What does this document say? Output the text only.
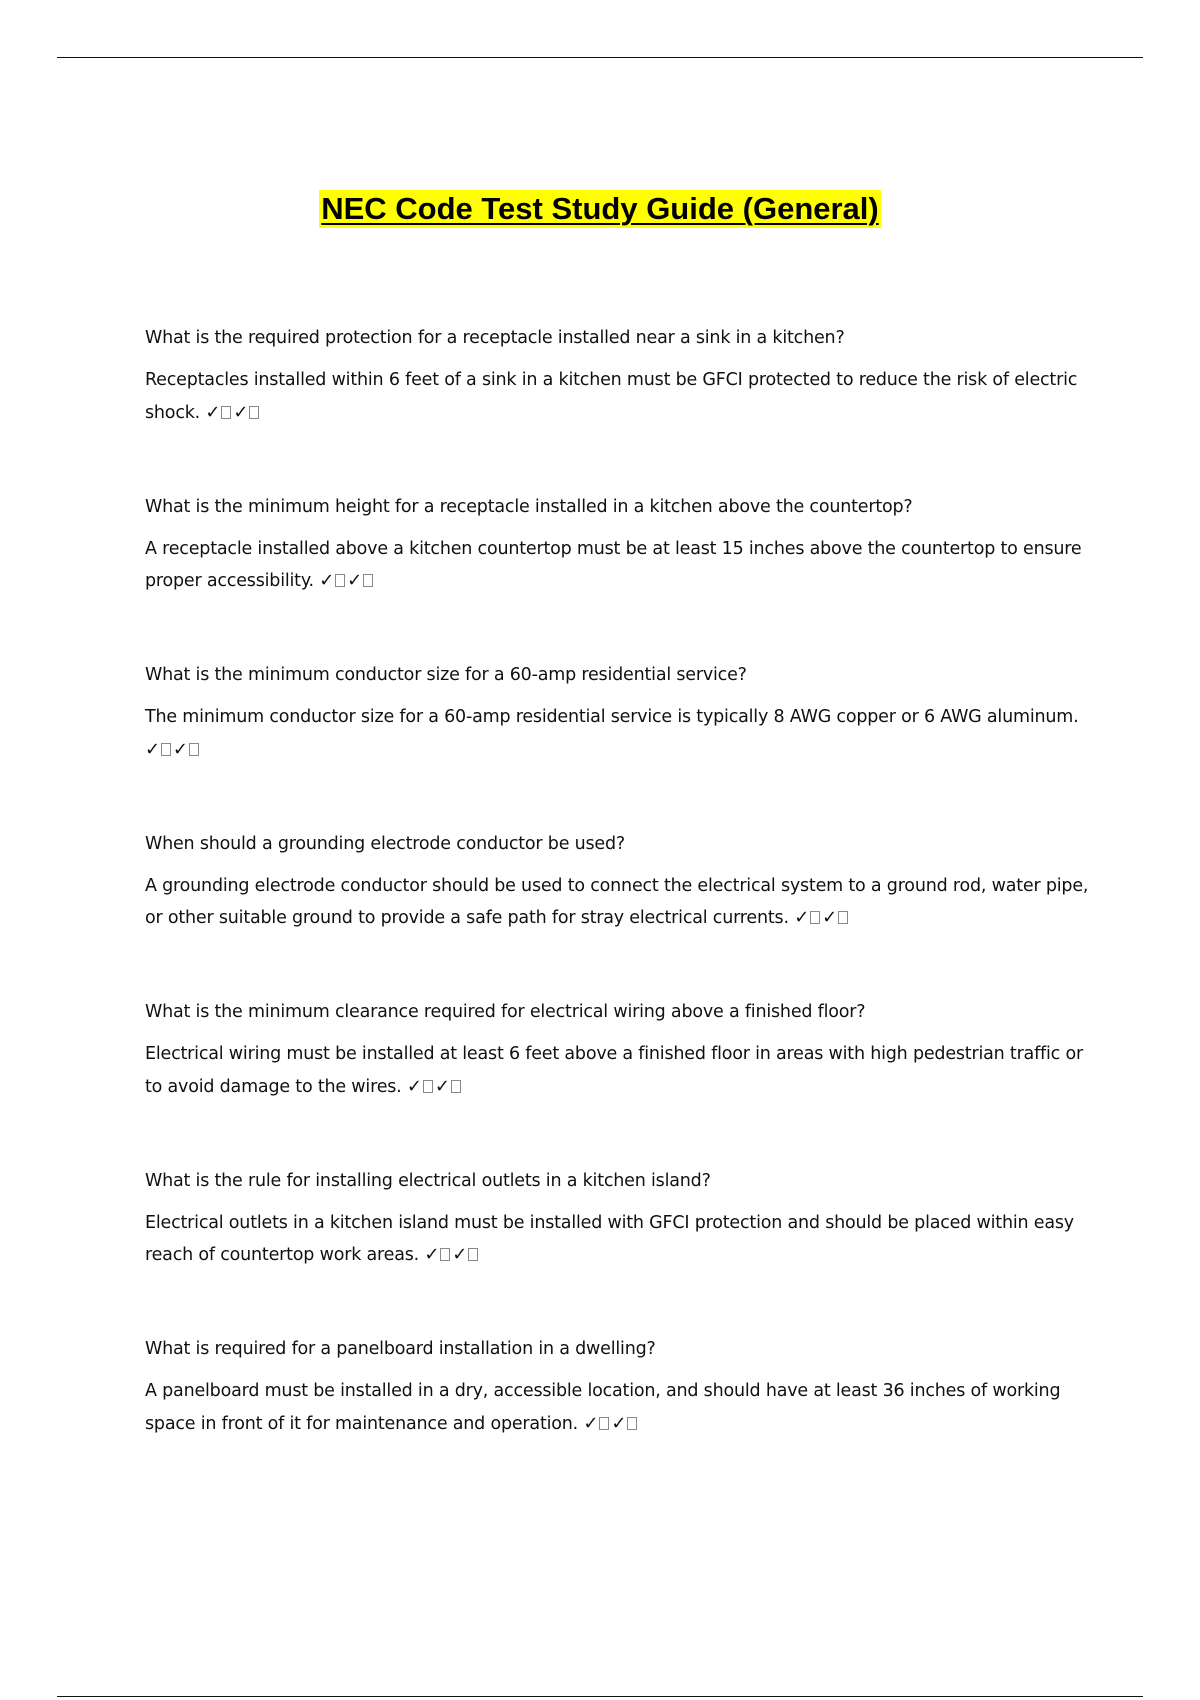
NEC Code Test Study Guide (General)

What is the required protection for a receptacle installed near a sink in a kitchen?

Receptacles installed within 6 feet of a sink in a kitchen must be GFCI protected to reduce the risk of electric shock. ✓ ✓

What is the minimum height for a receptacle installed in a kitchen above the countertop?

A receptacle installed above a kitchen countertop must be at least 15 inches above the countertop to ensure proper accessibility. ✓ ✓

What is the minimum conductor size for a 60-amp residential service?

The minimum conductor size for a 60-amp residential service is typically 8 AWG copper or 6 AWG aluminum. ✓ ✓

When should a grounding electrode conductor be used?

A grounding electrode conductor should be used to connect the electrical system to a ground rod, water pipe, or other suitable ground to provide a safe path for stray electrical currents. ✓ ✓

What is the minimum clearance required for electrical wiring above a finished floor?

Electrical wiring must be installed at least 6 feet above a finished floor in areas with high pedestrian traffic or to avoid damage to the wires. ✓ ✓

What is the rule for installing electrical outlets in a kitchen island?

Electrical outlets in a kitchen island must be installed with GFCI protection and should be placed within easy reach of countertop work areas. ✓ ✓

What is required for a panelboard installation in a dwelling?

A panelboard must be installed in a dry, accessible location, and should have at least 36 inches of working space in front of it for maintenance and operation. ✓ ✓
